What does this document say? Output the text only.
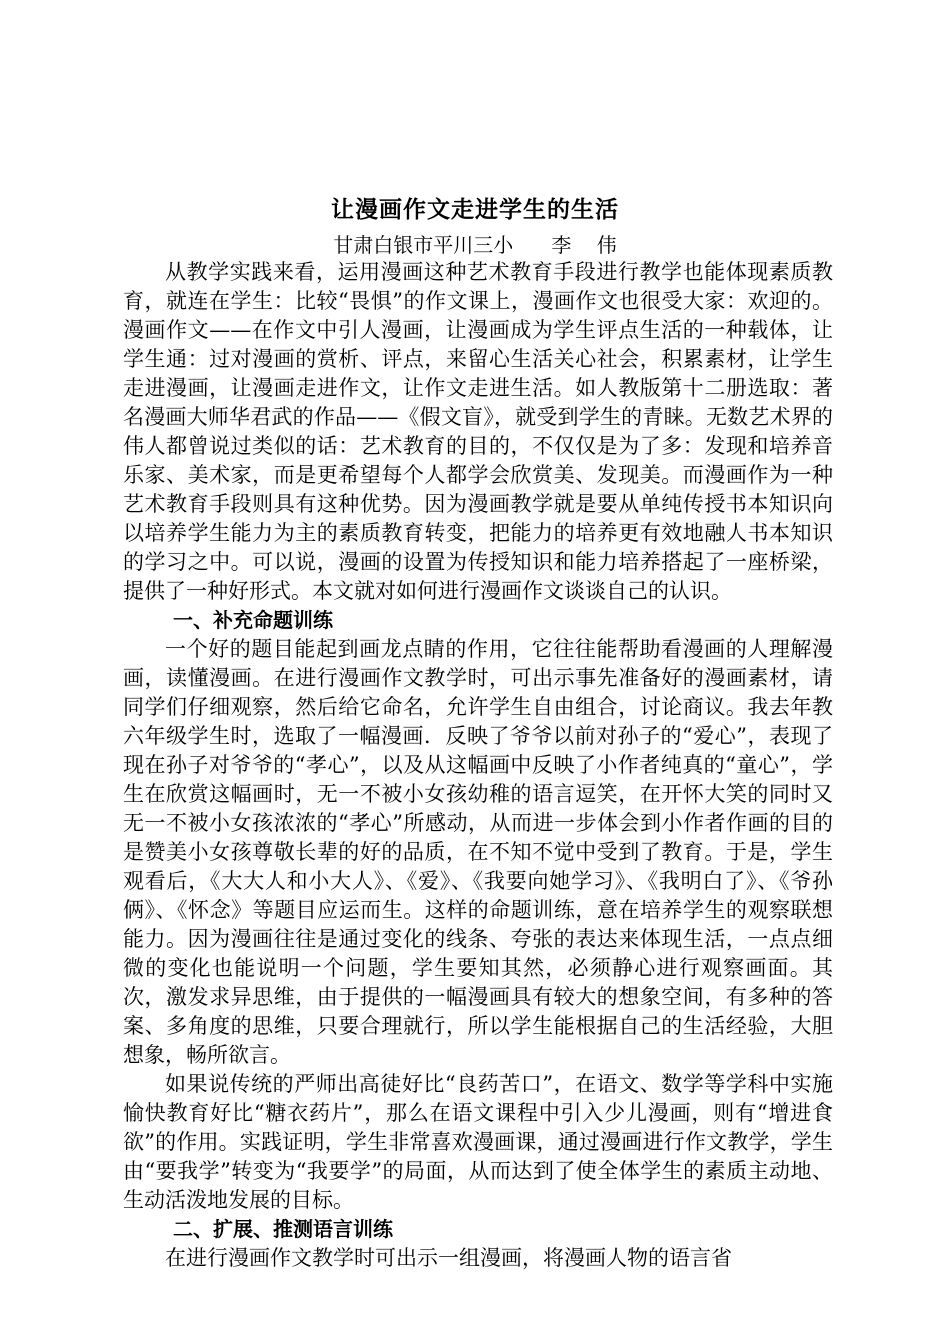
让漫画作文走进学生的生活
甘肃白银市平川三小      李    伟

从教学实践来看，运用漫画这种艺术教育手段进行教学也能体现素质教育，就连在学生：比较“畏惧”的作文课上，漫画作文也很受大家：欢迎的。漫画作文——在作文中引人漫画，让漫画成为学生评点生活的一种载体，让学生通：过对漫画的赏析、评点，来留心生活关心社会，积累素材，让学生走进漫画，让漫画走进作文，让作文走进生活。如人教版第十二册选取：著名漫画大师华君武的作品——《假文盲》，就受到学生的青睐。无数艺术界的伟人都曾说过类似的话：艺术教育的目的，不仅仅是为了多：发现和培养音乐家、美术家，而是更希望每个人都学会欣赏美、发现美。而漫画作为一种艺术教育手段则具有这种优势。因为漫画教学就是要从单纯传授书本知识向以培养学生能力为主的素质教育转变，把能力的培养更有效地融人书本知识的学习之中。可以说，漫画的设置为传授知识和能力培养搭起了一座桥梁，提供了一种好形式。本文就对如何进行漫画作文谈谈自己的认识。

一、补充命题训练

一个好的题目能起到画龙点睛的作用，它往往能帮助看漫画的人理解漫画，读懂漫画。在进行漫画作文教学时，可出示事先准备好的漫画素材，请同学们仔细观察，然后给它命名，允许学生自由组合，讨论商议。我去年教六年级学生时，选取了一幅漫画．反映了爷爷以前对孙子的“爱心”，表现了现在孙子对爷爷的“孝心”，以及从这幅画中反映了小作者纯真的“童心”，学生在欣赏这幅画时，无一不被小女孩幼稚的语言逗笑，在开怀大笑的同时又无一不被小女孩浓浓的“孝心”所感动，从而进一步体会到小作者作画的目的是赞美小女孩尊敬长辈的好的品质，在不知不觉中受到了教育。于是，学生观看后，《大大人和小大人》、《爱》、《我要向她学习》、《我明白了》、《爷孙俩》、《怀念》等题目应运而生。这样的命题训练，意在培养学生的观察联想能力。因为漫画往往是通过变化的线条、夸张的表达来体现生活，一点点细微的变化也能说明一个问题，学生要知其然，必须静心进行观察画面。其次，激发求异思维，由于提供的一幅漫画具有较大的想象空间，有多种的答案、多角度的思维，只要合理就行，所以学生能根据自己的生活经验，大胆想象，畅所欲言。

如果说传统的严师出高徒好比“良药苦口”，在语文、数学等学科中实施愉快教育好比“糖衣药片”，那么在语文课程中引入少儿漫画，则有“增进食欲”的作用。实践证明，学生非常喜欢漫画课，通过漫画进行作文教学，学生由“要我学”转变为“我要学”的局面，从而达到了使全体学生的素质主动地、生动活泼地发展的目标。

二、扩展、推测语言训练

在进行漫画作文教学时可出示一组漫画，将漫画人物的语言省
